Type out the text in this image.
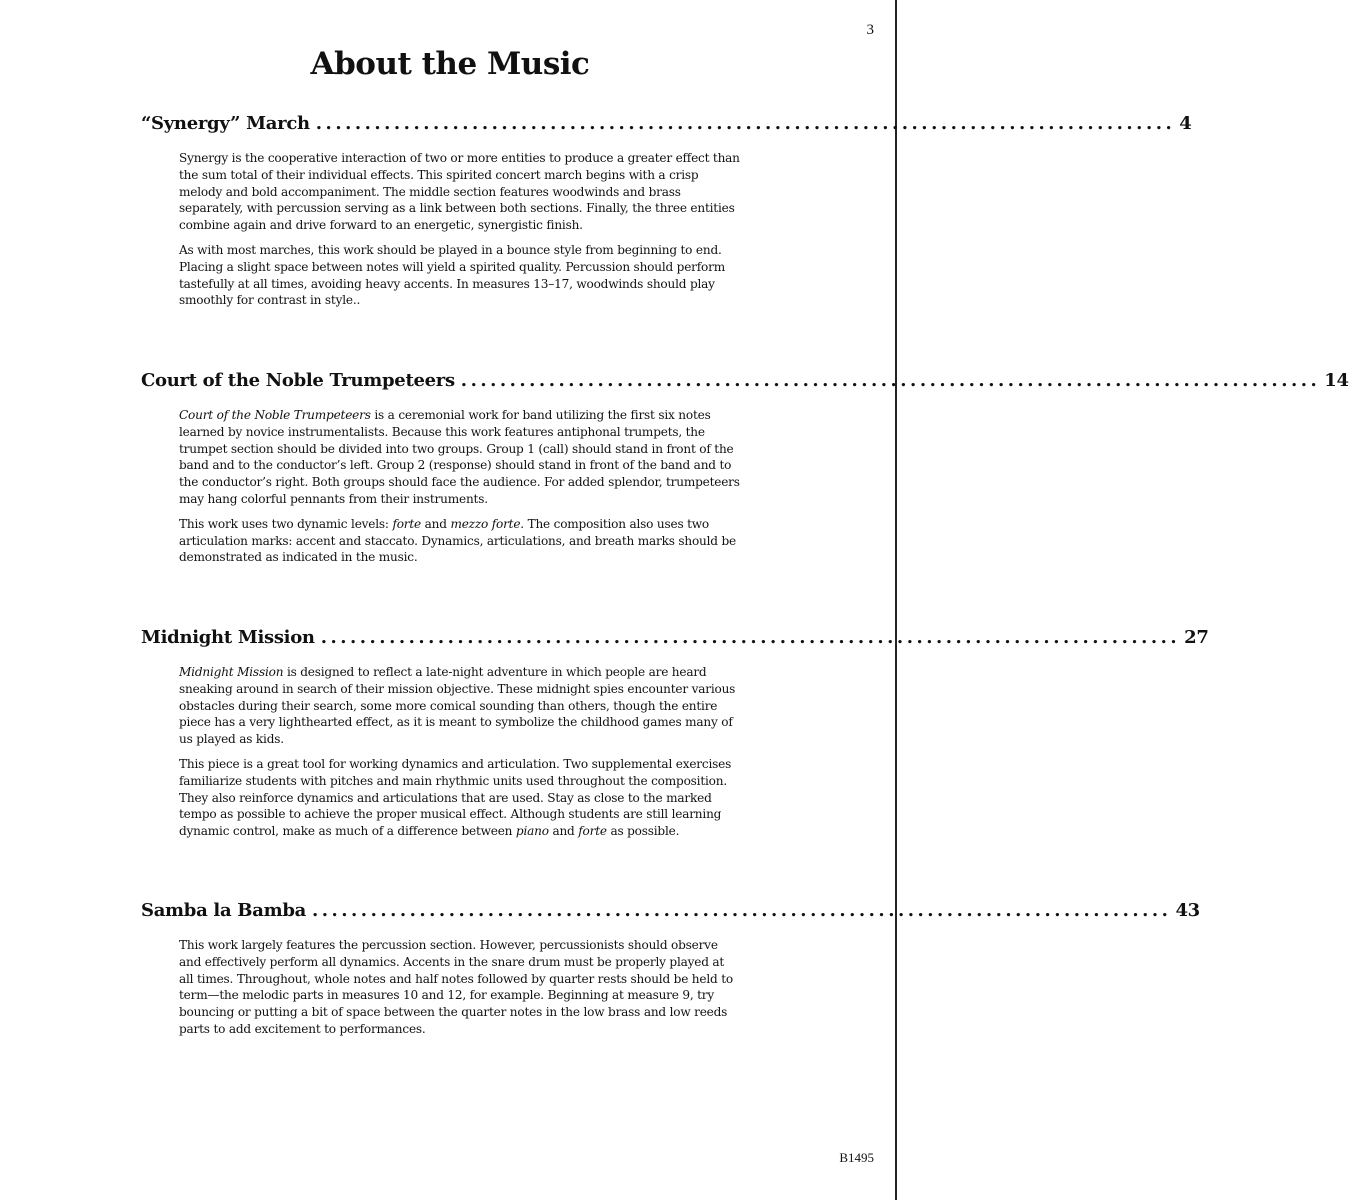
3
About the Music
“Synergy” March ........................................................................................ 4

Synergy is the cooperative interaction of two or more entities to produce a greater effect than the sum total of their individual effects. This spirited concert march begins with a crisp melody and bold accompaniment. The middle section features woodwinds and brass separately, with percussion serving as a link between both sections. Finally, the three entities combine again and drive forward to an energetic, synergistic finish.

As with most marches, this work should be played in a bounce style from beginning to end. Placing a slight space between notes will yield a spirited quality. Percussion should perform tastefully at all times, avoiding heavy accents. In measures 13–17, woodwinds should play smoothly for contrast in style..

Court of the Noble Trumpeteers ........................................................................................ 14

Court of the Noble Trumpeteers is a ceremonial work for band utilizing the first six notes learned by novice instrumentalists. Because this work features antiphonal trumpets, the trumpet section should be divided into two groups. Group 1 (call) should stand in front of the band and to the conductor’s left. Group 2 (response) should stand in front of the band and to the conductor’s right. Both groups should face the audience. For added splendor, trumpeteers may hang colorful pennants from their instruments.

This work uses two dynamic levels: forte and mezzo forte. The composition also uses two articulation marks: accent and staccato. Dynamics, articulations, and breath marks should be demonstrated as indicated in the music.

Midnight Mission ........................................................................................ 27

Midnight Mission is designed to reflect a late-night adventure in which people are heard sneaking around in search of their mission objective. These midnight spies encounter various obstacles during their search, some more comical sounding than others, though the entire piece has a very lighthearted effect, as it is meant to symbolize the childhood games many of us played as kids.

This piece is a great tool for working dynamics and articulation. Two supplemental exercises familiarize students with pitches and main rhythmic units used throughout the composition. They also reinforce dynamics and articulations that are used. Stay as close to the marked tempo as possible to achieve the proper musical effect. Although students are still learning dynamic control, make as much of a difference between piano and forte as possible.

Samba la Bamba ........................................................................................ 43

This work largely features the percussion section. However, percussionists should observe and effectively perform all dynamics. Accents in the snare drum must be properly played at all times. Throughout, whole notes and half notes followed by quarter rests should be held to term—the melodic parts in measures 10 and 12, for example. Beginning at measure 9, try bouncing or putting a bit of space between the quarter notes in the low brass and low reeds parts to add excitement to performances.

B1495
